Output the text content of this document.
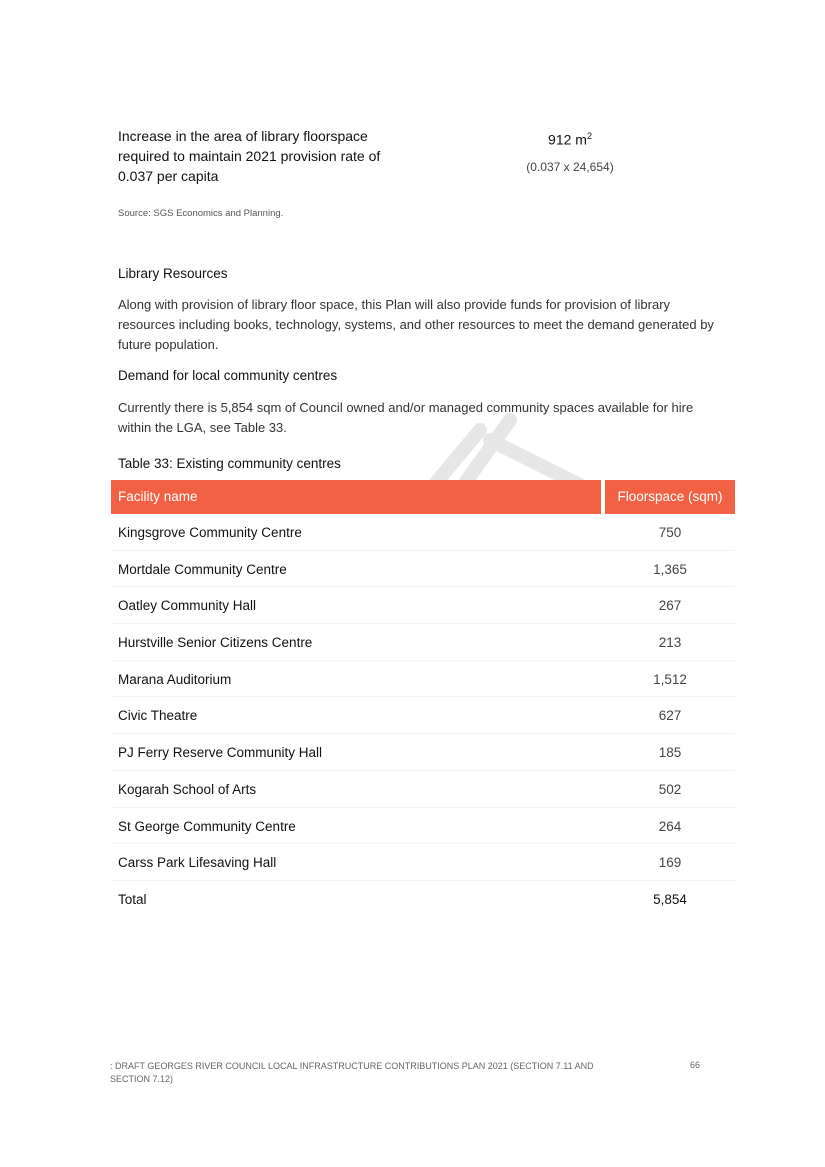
Increase in the area of library floorspace required to maintain 2021 provision rate of 0.037 per capita
912 $m^2$
(0.037 x 24,654)
Source: SGS Economics and Planning.
Library Resources
Along with provision of library floor space, this Plan will also provide funds for provision of library resources including books, technology, systems, and other resources to meet the demand generated by future population.
Demand for local community centres
Currently there is 5,854 sqm of Council owned and/or managed community spaces available for hire within the LGA, see Table 33.
Table 33: Existing community centres
Facility name	Floorspace (sqm)
Kingsgrove Community Centre	750
Mortdale Community Centre	1,365
Oatley Community Hall	267
Hurstville Senior Citizens Centre	213
Marana Auditorium	1,512
Civic Theatre	627
PJ Ferry Reserve Community Hall	185
Kogarah School of Arts	502
St George Community Centre	264
Carss Park Lifesaving Hall	169
Total	5,854
: DRAFT GEORGES RIVER COUNCIL LOCAL INFRASTRUCTURE CONTRIBUTIONS PLAN 2021 (SECTION 7.11 AND SECTION 7.12)
66
